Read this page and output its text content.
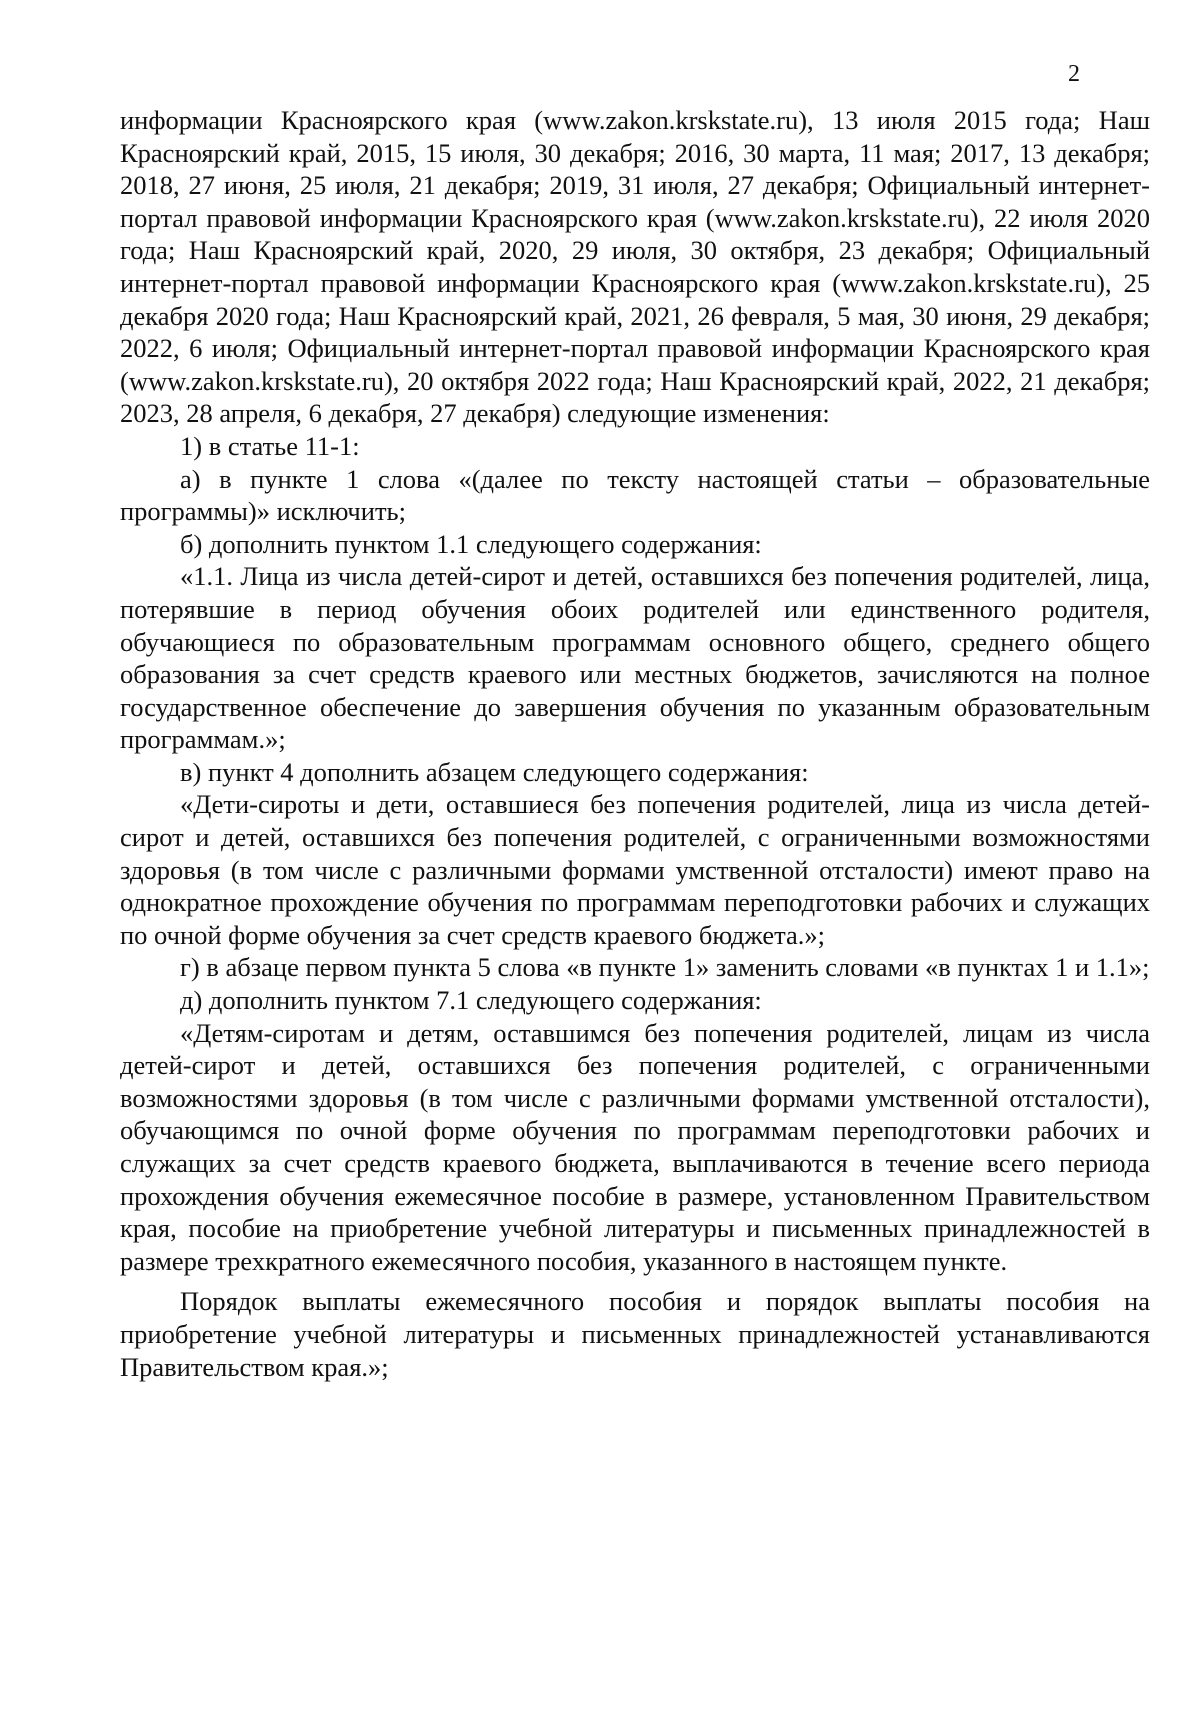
2

информации Красноярского края (www.zakon.krskstate.ru), 13 июля 2015 года; Наш Красноярский край, 2015, 15 июля, 30 декабря; 2016, 30 марта, 11 мая; 2017, 13 декабря; 2018, 27 июня, 25 июля, 21 декабря; 2019, 31 июля, 27 декабря; Официальный интернет-портал правовой информации Красноярского края (www.zakon.krskstate.ru), 22 июля 2020 года; Наш Красноярский край, 2020, 29 июля, 30 октября, 23 декабря; Официальный интернет-портал правовой информации Красноярского края (www.zakon.krskstate.ru), 25 декабря 2020 года; Наш Красноярский край, 2021, 26 февраля, 5 мая, 30 июня, 29 декабря; 2022, 6 июля; Официальный интернет-портал правовой информации Красноярского края (www.zakon.krskstate.ru), 20 октября 2022 года; Наш Красноярский край, 2022, 21 декабря; 2023, 28 апреля, 6 декабря, 27 декабря) следующие изменения:

1) в статье 11-1:

а) в пункте 1 слова «(далее по тексту настоящей статьи – образовательные программы)» исключить;

б) дополнить пунктом 1.1 следующего содержания:

«1.1. Лица из числа детей-сирот и детей, оставшихся без попечения родителей, лица, потерявшие в период обучения обоих родителей или единственного родителя, обучающиеся по образовательным программам основного общего, среднего общего образования за счет средств краевого или местных бюджетов, зачисляются на полное государственное обеспечение до завершения обучения по указанным образовательным программам.»;

в) пункт 4 дополнить абзацем следующего содержания:

«Дети-сироты и дети, оставшиеся без попечения родителей, лица из числа детей-сирот и детей, оставшихся без попечения родителей, с ограниченными возможностями здоровья (в том числе с различными формами умственной отсталости) имеют право на однократное прохождение обучения по программам переподготовки рабочих и служащих по очной форме обучения за счет средств краевого бюджета.»;

г) в абзаце первом пункта 5 слова «в пункте 1» заменить словами «в пунктах 1 и 1.1»;

д) дополнить пунктом 7.1 следующего содержания:

«Детям-сиротам и детям, оставшимся без попечения родителей, лицам из числа детей-сирот и детей, оставшихся без попечения родителей, с ограниченными возможностями здоровья (в том числе с различными формами умственной отсталости), обучающимся по очной форме обучения по программам переподготовки рабочих и служащих за счет средств краевого бюджета, выплачиваются в течение всего периода прохождения обучения ежемесячное пособие в размере, установленном Правительством края, пособие на приобретение учебной литературы и письменных принадлежностей в размере трехкратного ежемесячного пособия, указанного в настоящем пункте.

Порядок выплаты ежемесячного пособия и порядок выплаты пособия на приобретение учебной литературы и письменных принадлежностей устанавливаются Правительством края.»;
